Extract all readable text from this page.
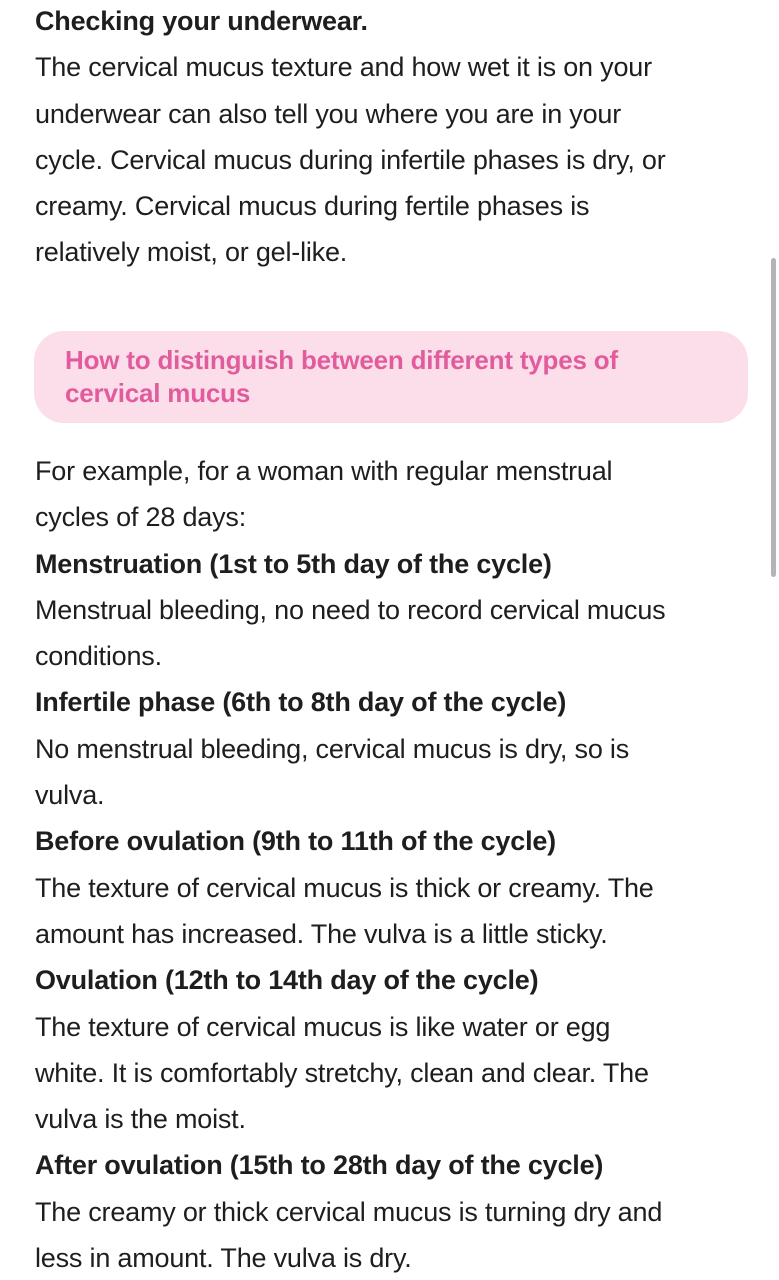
Checking your underwear.
The cervical mucus texture and how wet it is on your
underwear can also tell you where you are in your
cycle. Cervical mucus during infertile phases is dry, or
creamy. Cervical mucus during fertile phases is
relatively moist, or gel-like.
How to distinguish between different types of
cervical mucus
For example, for a woman with regular menstrual
cycles of 28 days:
Menstruation (1st to 5th day of the cycle)
Menstrual bleeding, no need to record cervical mucus
conditions.
Infertile phase (6th to 8th day of the cycle)
No menstrual bleeding, cervical mucus is dry, so is
vulva.
Before ovulation (9th to 11th of the cycle)
The texture of cervical mucus is thick or creamy. The
amount has increased. The vulva is a little sticky.
Ovulation (12th to 14th day of the cycle)
The texture of cervical mucus is like water or egg
white. It is comfortably stretchy, clean and clear. The
vulva is the moist.
After ovulation (15th to 28th day of the cycle)
The creamy or thick cervical mucus is turning dry and
less in amount. The vulva is dry.
